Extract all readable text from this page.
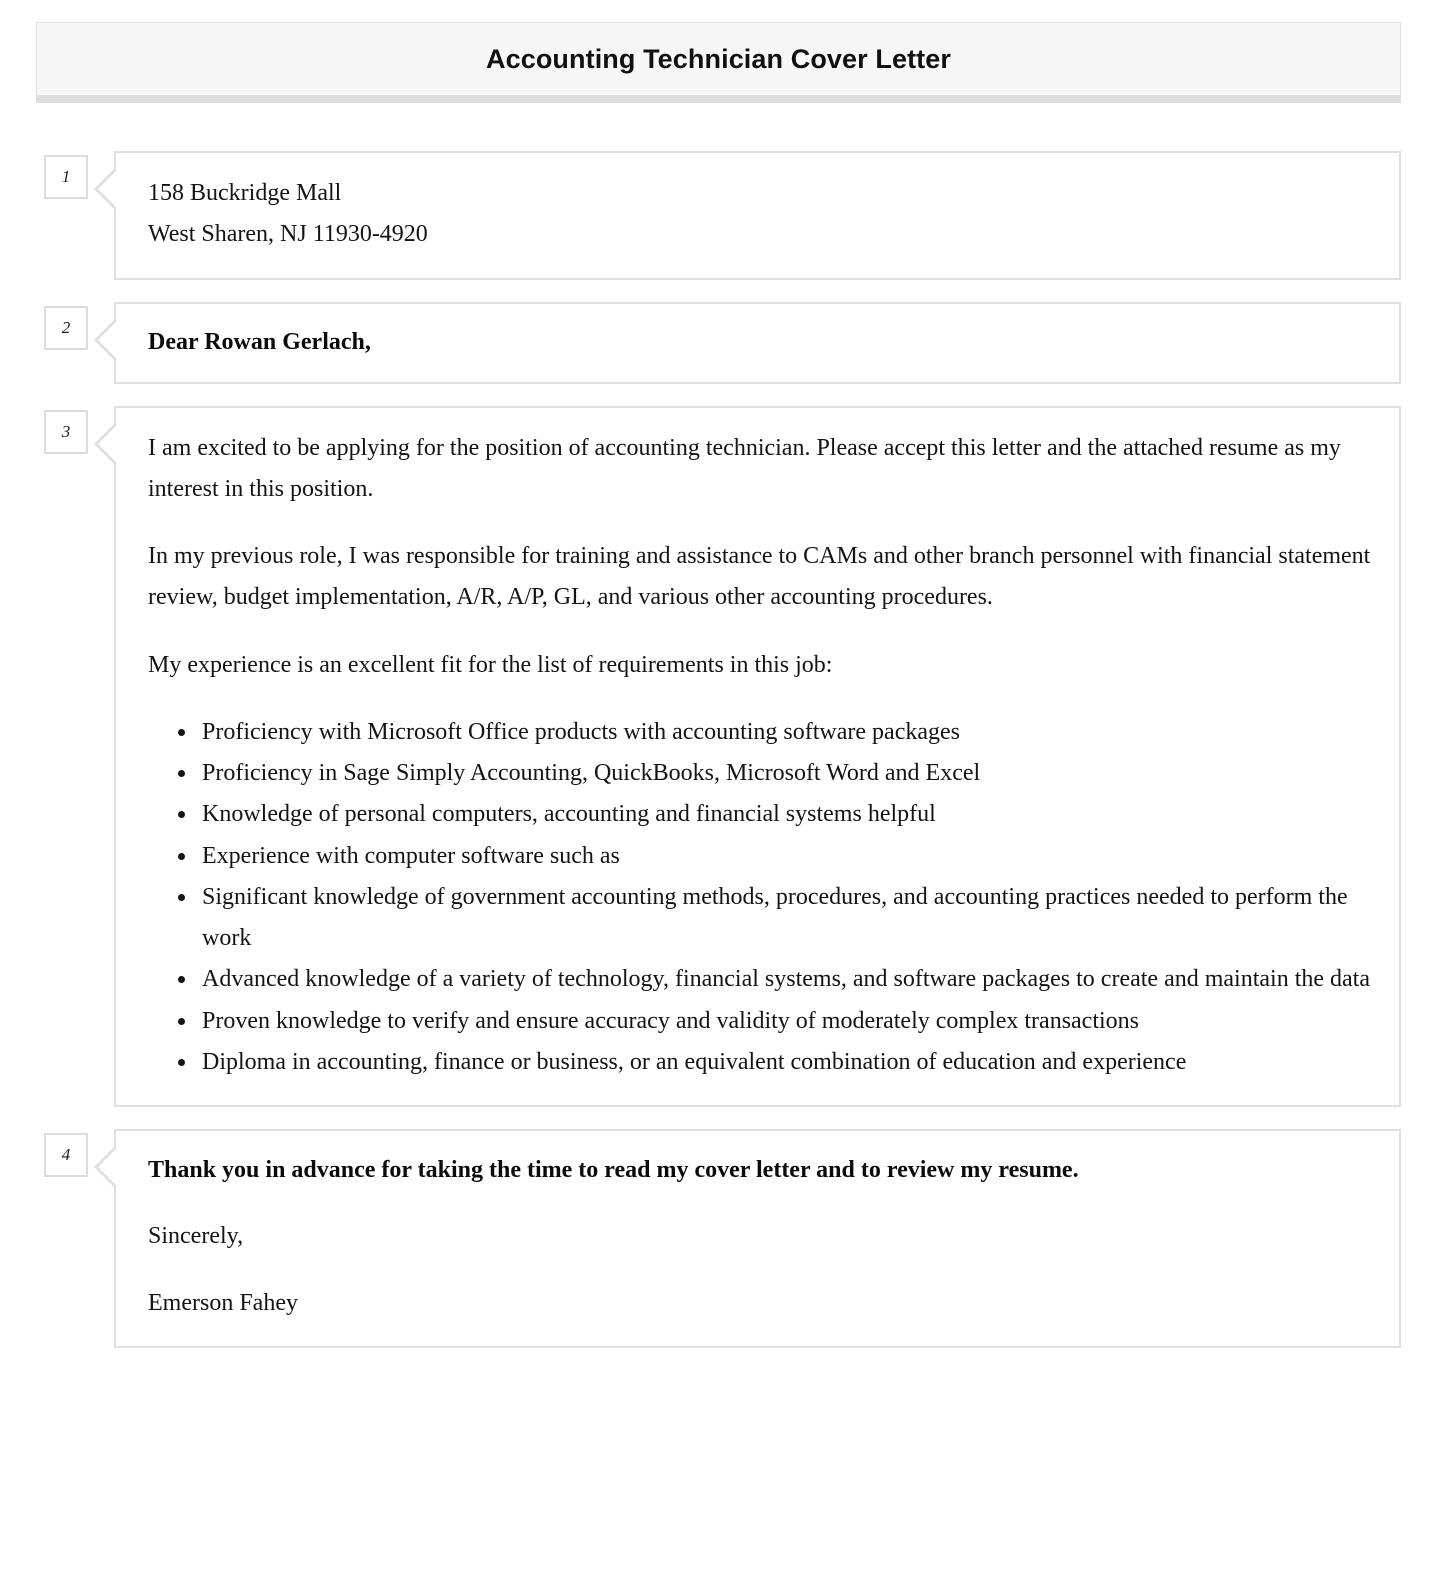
Accounting Technician Cover Letter
1
158 Buckridge Mall
West Sharen, NJ 11930-4920
2
Dear Rowan Gerlach,
3

I am excited to be applying for the position of accounting technician. Please accept this letter and the attached resume as my interest in this position.

In my previous role, I was responsible for training and assistance to CAMs and other branch personnel with financial statement review, budget implementation, A/R, A/P, GL, and various other accounting procedures.

My experience is an excellent fit for the list of requirements in this job:

• Proficiency with Microsoft Office products with accounting software packages
• Proficiency in Sage Simply Accounting, QuickBooks, Microsoft Word and Excel
• Knowledge of personal computers, accounting and financial systems helpful
• Experience with computer software such as
• Significant knowledge of government accounting methods, procedures, and accounting practices needed to perform the work
• Advanced knowledge of a variety of technology, financial systems, and software packages to create and maintain the data
• Proven knowledge to verify and ensure accuracy and validity of moderately complex transactions
• Diploma in accounting, finance or business, or an equivalent combination of education and experience
4

Thank you in advance for taking the time to read my cover letter and to review my resume.

Sincerely,

Emerson Fahey
